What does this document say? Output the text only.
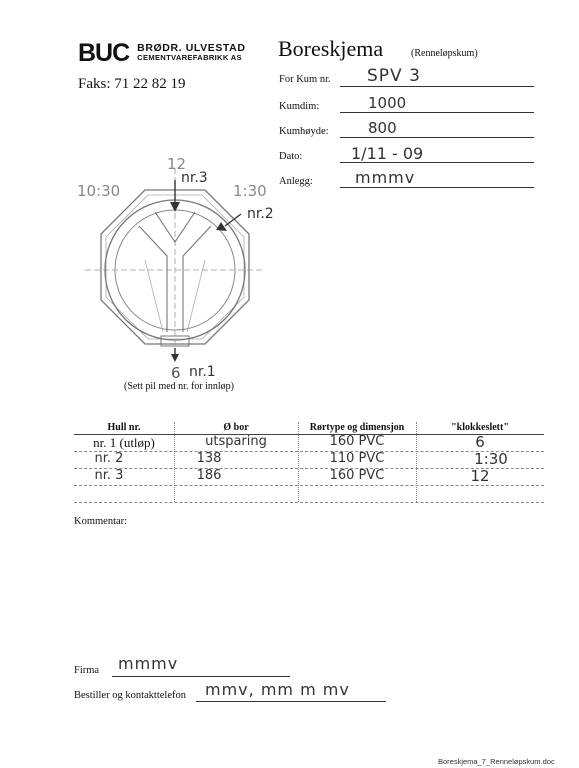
BUC BRØDR. ULVESTAD
CEMENTVAREFABRIKK AS
Faks: 71 22 82 19
Boreskjema	(Renneløpskum)
For Kum nr. SPV 3
Kumdim:	1000
Kumhøyde:	800
Dato:	1/11 - 09
Anlegg:	mmmv
12
10:30	1:30
6
nr.3
nr.2
nr.1
(Sett pil med nr. for innløp)
Hull nr.	Ø bor	Rørtype og dimensjon	"klokkeslett"
nr. 1 (utløp)	utsparing	160 PVC	6
nr. 2	138	110 PVC	1:30
nr. 3	186	160 PVC	12
Kommentar:
Firma mmmv
Bestiller og kontakttelefon mmv, mm m mv
Boreskjema_7_Renneløpskum.doc
